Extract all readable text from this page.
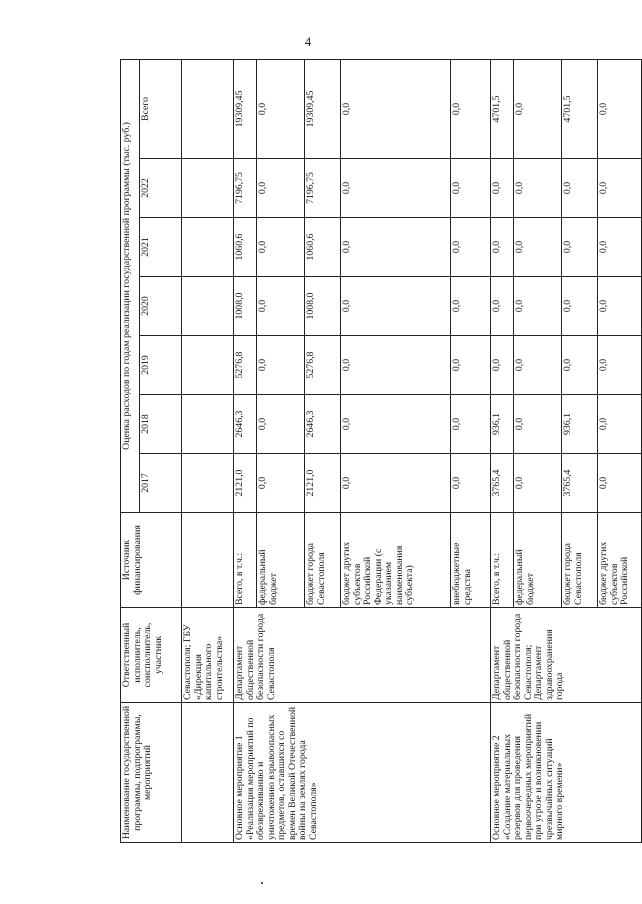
4
Наименование государственной программы, подпрограммы, мероприятий	Ответственный исполнитель, соисполнитель, участник	Источник финансирования	Оценка расходов по годам реализации государственной программы (тыс. руб.)						
			2017	2018	2019	2020	2021	2022	Всего
	Севастополя; ГБУ «Дирекция капитального строительства»								
Основное мероприятие 1 «Реализация мероприятий по обезвреживанию и уничтожению взрывоопасных предметов, оставшихся со времен Великой Отечественной войны на землях города Севастополя»	Департамент общественной безопасности города Севастополя	Всего, в т.ч.:	2121,0	2646,3	5276,8	1008,0	1060,6	7196,75	19309,45
		федеральный бюджет	0,0	0,0	0,0	0,0	0,0	0,0	0,0
		бюджет города Севастополя	2121,0	2646,3	5276,8	1008,0	1060,6	7196,75	19309,45
		бюджет других субъектов Российской Федерации (с указанием наименования субъекта)	0,0	0,0	0,0	0,0	0,0	0,0	0,0
		внебюджетные средства	0,0	0,0	0,0	0,0	0,0	0,0	0,0
Основное мероприятие 2 «Создание материальных резервов для проведения первоочередных мероприятий при угрозе и возникновении чрезвычайных ситуаций мирного времени»	Департамент общественной безопасности города Севастополя; Департамент здравоохранения города	Всего, в т.ч.:	3765,4	936,1	0,0	0,0	0,0	0,0	4701,5
		федеральный бюджет	0,0	0,0	0,0	0,0	0,0	0,0	0,0
		бюджет города Севастополя	3765,4	936,1	0,0	0,0	0,0	0,0	4701,5
		бюджет других субъектов Российской	0,0	0,0	0,0	0,0	0,0	0,0	0,0
